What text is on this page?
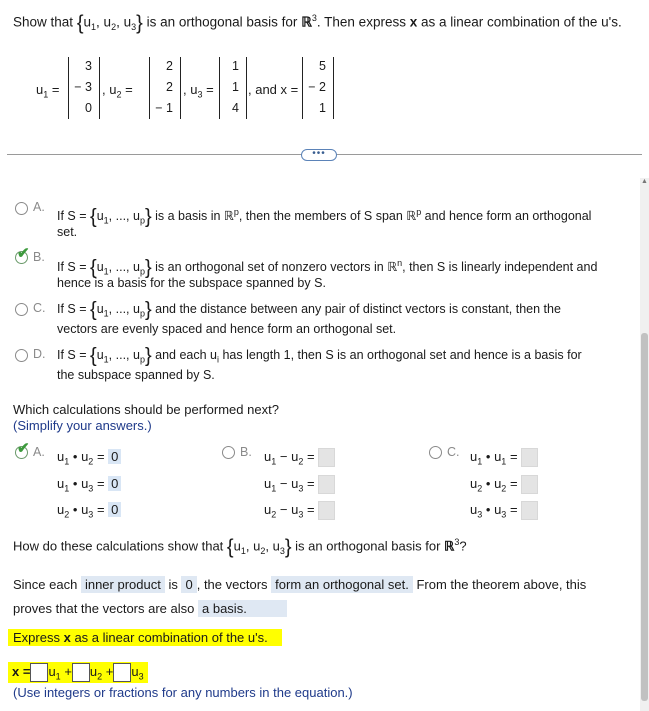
Show that {$u_1$, $u_2$, $u_3$} is an orthogonal basis for ℝ$^3$. Then express x as a linear combination of the u's.
$u_1$ =
3
− 3
0
, $u_2$ =
2
2
− 1
, $u_3$ =
1
1
4
, and x =
5
− 2
1
•••
▲
A.
If $S = \{u_1$, ..., $u_p$} is a basis in ℝ$^p$, then the members of S span ℝ$^p$ and hence form an orthogonal
set.
✔ B.
If $S = \{u_1$, ..., $u_p$} is an orthogonal set of nonzero vectors in ℝ$^n$, then S is linearly independent and
hence is a basis for the subspace spanned by S.
C. If $S = \{u_1$, ..., $u_p$} and the distance between any pair of distinct vectors is constant, then the
vectors are evenly spaced and hence form an orthogonal set.
D. If $S = \{u_1$, ..., $u_p$} and each $u_i$ has length 1, then S is an orthogonal set and hence is a basis for
the subspace spanned by S.
Which calculations should be performed next?
(Simplify your answers.)
✔ A. $u_1$ • $u_2 = 0$
$u_1$ • $u_3 = 0$
$u_2$ • $u_3 = 0$
B. $u_1 - u_2$ =
$u_1 - u_3$ =
$u_2 - u_3$ =
C. $u_1$ • $u_1$ =
$u_2$ • $u_2$ =
$u_3$ • $u_3$ =
How do these calculations show that {$u_1$, $u_2$, $u_3$} is an orthogonal basis for ℝ$^3$?
Since each inner product is 0 , the vectors form an orthogonal set. From the theorem above, this
proves that the vectors are also a basis.
Express x as a linear combination of the u's.
$x = u_1 + u_2 + u_3$
(Use integers or fractions for any numbers in the equation.)
